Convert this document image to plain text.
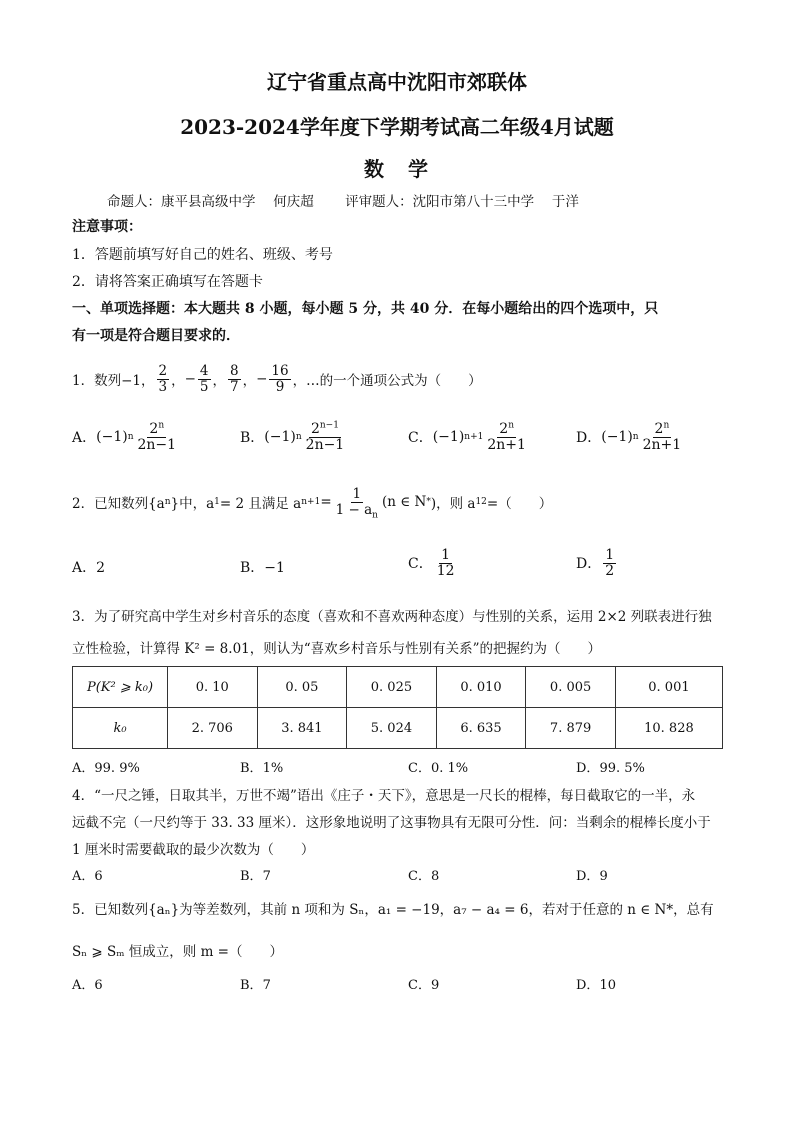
辽宁省重点高中沈阳市郊联体
2023-2024学年度下学期考试高二年级4月试题
数　学
命题人：康平县高级中学　 何庆超　　 评审题人：沈阳市第八十三中学　 于洋
注意事项：
1．答题前填写好自己的姓名、班级、考号
2．请将答案正确填写在答题卡
一、单项选择题：本大题共 8 小题，每小题 5 分，共 40 分．在每小题给出的四个选项中，只
有一项是符合题目要求的．
1．数列−1， $\frac{2}{3}$ ， − $\frac{4}{5}$ ， $\frac{8}{7}$ ， − $\frac{16}{9}$ ，…的一个通项公式为（　　）
A． (−1) n $\frac{2^n}{2n-1}$	B． (−1) n $\frac{2^{n-1}}{2n-1}$	C． (−1) $n+1 \frac{2^n}{2n+1}$	D． (−1) n $\frac{2^n}{2n+1}$
2．已知数列{a n }中，a 1 = 2 且满足 a $n+1 = \frac{1}{1 - a_n} (n$ ∈ N * )，则 a 12 =（　　）
A．2	B．−1	C． $\frac{1}{12}$	D． $\frac{1}{2}$
3．为了研究高中学生对乡村音乐的态度（喜欢和不喜欢两种态度）与性别的关系，运用 2×2 列联表进行独
立性检验，计算得 K² = 8.01，则认为“喜欢乡村音乐与性别有关系”的把握约为（　　）
P(K² ⩾ k₀)	0. 10	0. 05	0. 025	0. 010	0. 005	0. 001
k₀	2. 706	3. 841	5. 024	6. 635	7. 879	10. 828
A．99. 9%	B．1%	C．0. 1%	D．99. 5%
4．“一尺之锤，日取其半，万世不竭”语出《庄子・天下》，意思是一尺长的棍棒，每日截取它的一半，永
远截不完（一尺约等于 33. 33 厘米）．这形象地说明了这事物具有无限可分性．问：当剩余的棍棒长度小于
1 厘米时需要截取的最少次数为（　　）
A．6	B．7	C．8	D．9
5．已知数列{aₙ}为等差数列，其前 n 项和为 Sₙ，a₁ = −19，a₇ − a₄ = 6，若对于任意的 n ∈ N*，总有
Sₙ ⩾ Sₘ 恒成立，则 m =（　　）
A．6	B．7	C．9	D．10
